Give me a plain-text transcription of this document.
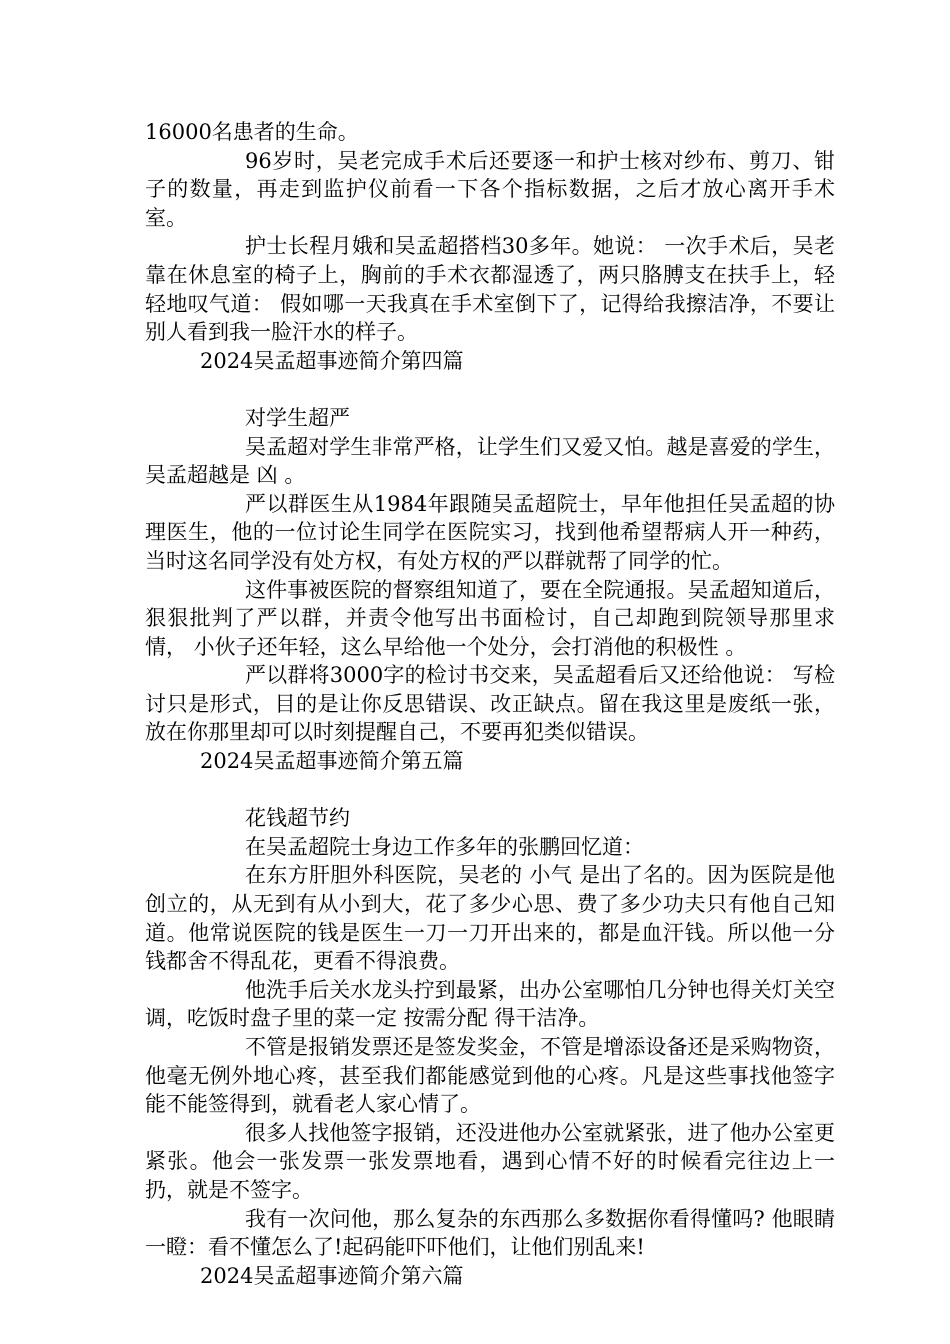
16000名患者的生命。

96岁时，吴老完成手术后还要逐一和护士核对纱布、剪刀、钳子的数量，再走到监护仪前看一下各个指标数据，之后才放心离开手术室。

护士长程月娥和吴孟超搭档30多年。她说： 一次手术后，吴老靠在休息室的椅子上，胸前的手术衣都湿透了，两只胳膊支在扶手上，轻轻地叹气道： 假如哪一天我真在手术室倒下了，记得给我擦洁净，不要让别人看到我一脸汗水的样子。

2024吴孟超事迹简介第四篇

对学生超严

吴孟超对学生非常严格，让学生们又爱又怕。越是喜爱的学生，吴孟超越是 凶 。

严以群医生从1984年跟随吴孟超院士，早年他担任吴孟超的协理医生，他的一位讨论生同学在医院实习，找到他希望帮病人开一种药，当时这名同学没有处方权，有处方权的严以群就帮了同学的忙。

这件事被医院的督察组知道了，要在全院通报。吴孟超知道后，狠狠批判了严以群，并责令他写出书面检讨，自己却跑到院领导那里求情， 小伙子还年轻，这么早给他一个处分，会打消他的积极性 。

严以群将3000字的检讨书交来，吴孟超看后又还给他说： 写检讨只是形式，目的是让你反思错误、改正缺点。留在我这里是废纸一张，放在你那里却可以时刻提醒自己，不要再犯类似错误。

2024吴孟超事迹简介第五篇

花钱超节约

在吴孟超院士身边工作多年的张鹏回忆道：

在东方肝胆外科医院，吴老的 小气 是出了名的。因为医院是他创立的，从无到有从小到大，花了多少心思、费了多少功夫只有他自己知道。他常说医院的钱是医生一刀一刀开出来的，都是血汗钱。所以他一分钱都舍不得乱花，更看不得浪费。

他洗手后关水龙头拧到最紧，出办公室哪怕几分钟也得关灯关空调，吃饭时盘子里的菜一定 按需分配 得干洁净。

不管是报销发票还是签发奖金，不管是增添设备还是采购物资，他毫无例外地心疼，甚至我们都能感觉到他的心疼。凡是这些事找他签字能不能签得到，就看老人家心情了。

很多人找他签字报销，还没进他办公室就紧张，进了他办公室更紧张。他会一张发票一张发票地看，遇到心情不好的时候看完往边上一扔，就是不签字。

我有一次问他，那么复杂的东西那么多数据你看得懂吗? 他眼睛一瞪：看不懂怎么了!起码能吓吓他们，让他们别乱来!

2024吴孟超事迹简介第六篇
